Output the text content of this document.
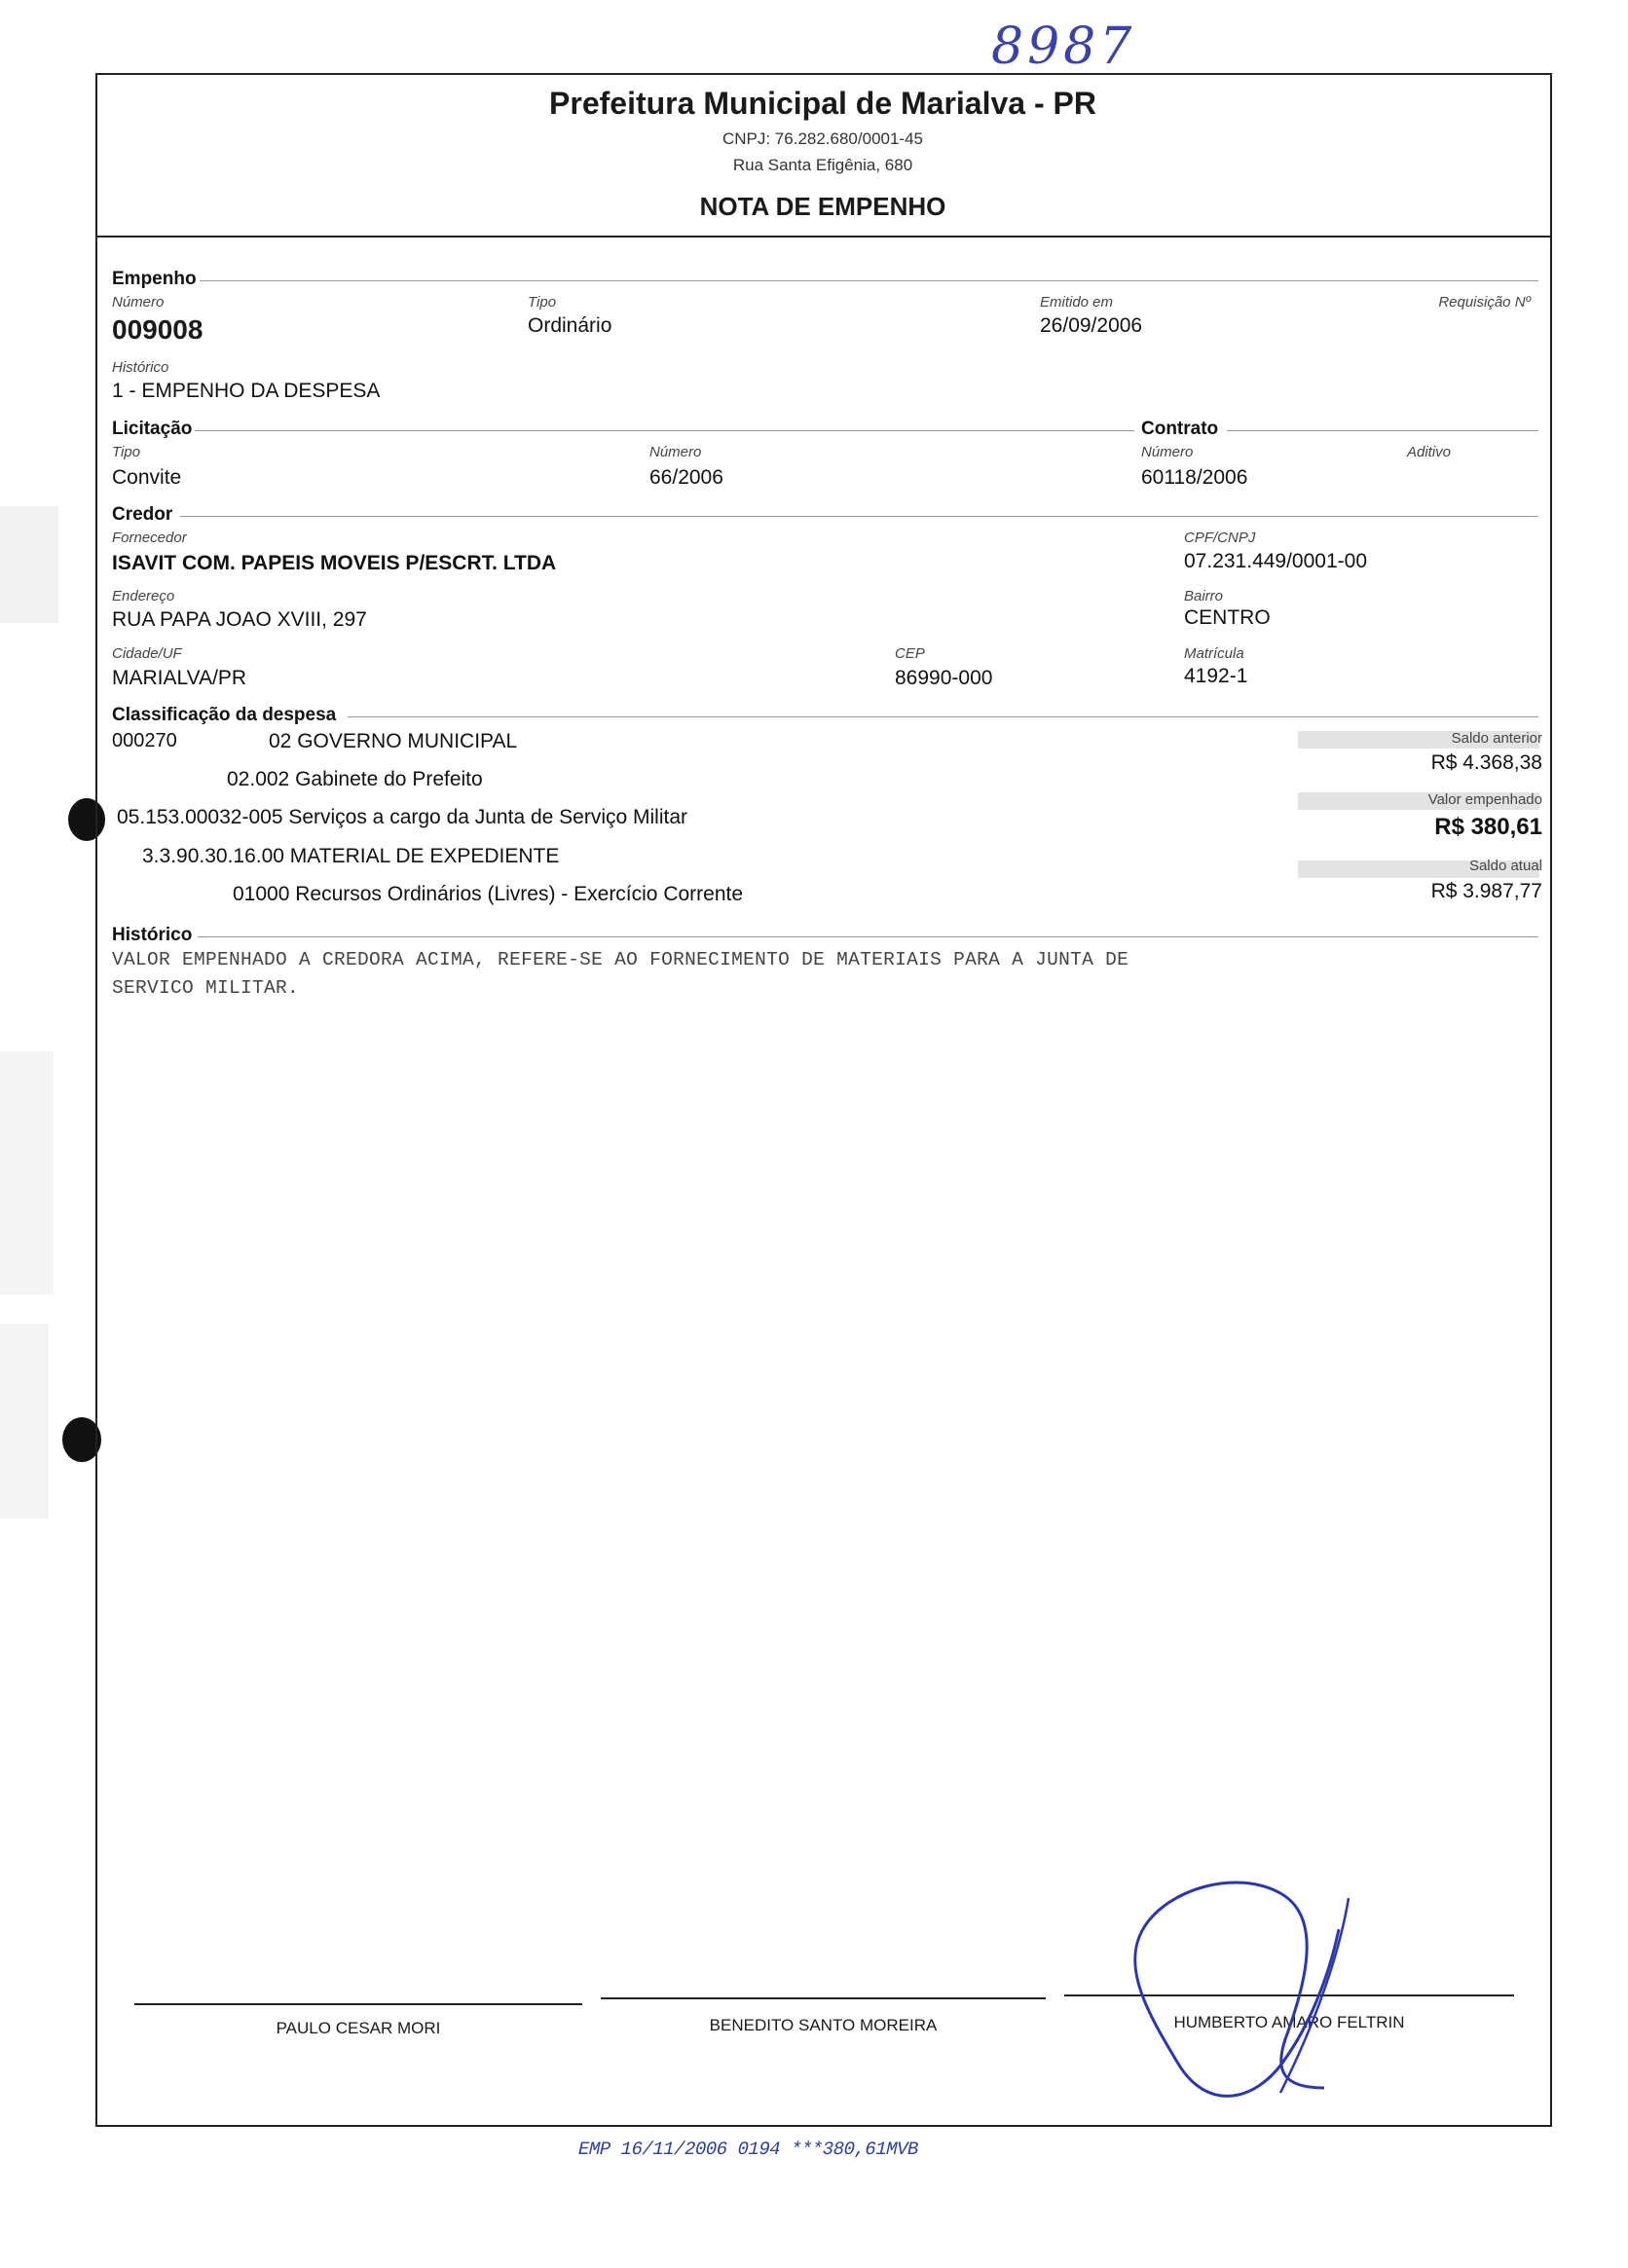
8987
Prefeitura Municipal de Marialva - PR
CNPJ: 76.282.680/0001-45
Rua Santa Efigênia, 680
NOTA DE EMPENHO
Empenho
Número
009008
Tipo
Ordinário
Emitido em
26/09/2006
Requisição Nº
Histórico
1 - EMPENHO DA DESPESA
Licitação	Contrato
Tipo
Convite
Número
66/2006
Número
60118/2006
Aditivo
Credor
Fornecedor
ISAVIT COM. PAPEIS MOVEIS P/ESCRT. LTDA
CPF/CNPJ
07.231.449/0001-00
Endereço
RUA PAPA JOAO XVIII, 297
Bairro
CENTRO
Cidade/UF
MARIALVA/PR
CEP
86990-000
Matrícula
4192-1
Classificação da despesa
000270	02 GOVERNO MUNICIPAL
02.002 Gabinete do Prefeito
05.153.00032-005 Serviços a cargo da Junta de Serviço Militar
3.3.90.30.16.00 MATERIAL DE EXPEDIENTE
01000 Recursos Ordinários (Livres) - Exercício Corrente
Saldo anterior
R$ 4.368,38
Valor empenhado
R$ 380,61
Saldo atual
R$ 3.987,77
Histórico
VALOR EMPENHADO A CREDORA ACIMA, REFERE-SE AO FORNECIMENTO DE MATERIAIS PARA A JUNTA DE
SERVICO MILITAR.
PAULO CESAR MORI	BENEDITO SANTO MOREIRA	HUMBERTO AMARO FELTRIN
EMP 16/11/2006 0194 ***380,61MVB
